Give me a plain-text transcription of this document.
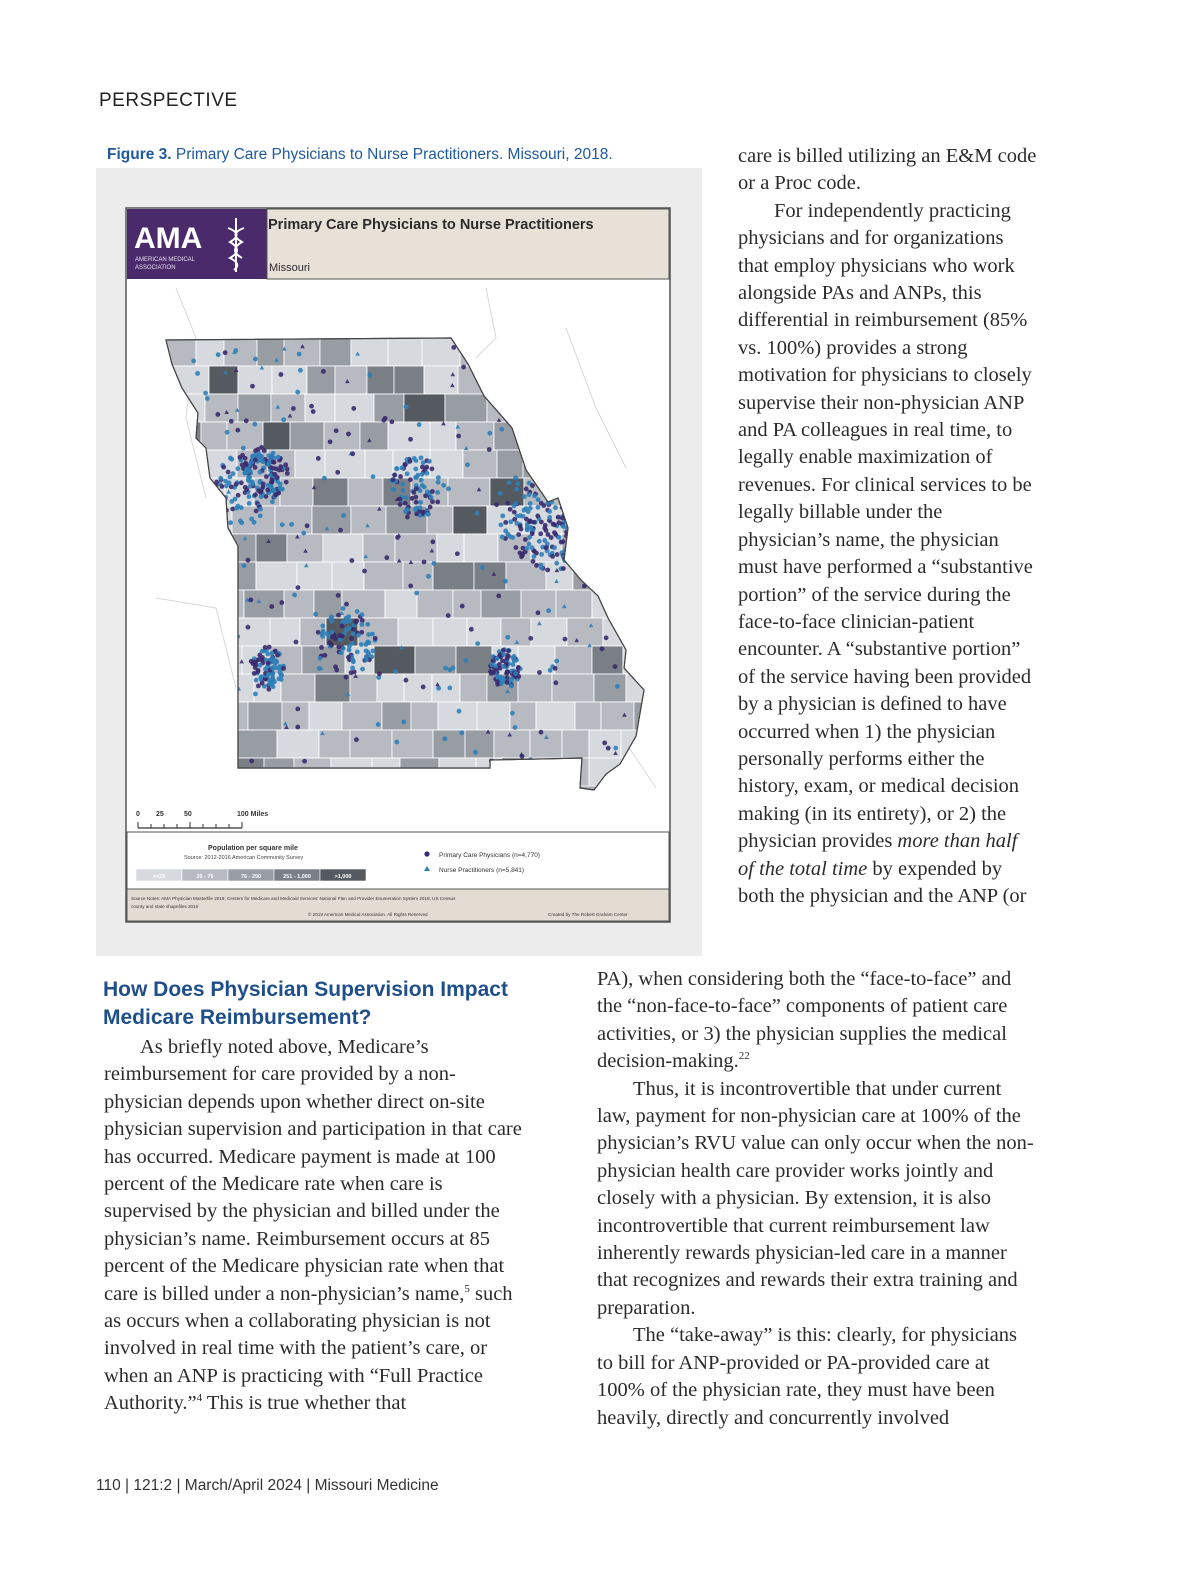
PERSPECTIVE
Figure 3. Primary Care Physicians to Nurse Practitioners. Missouri, 2018.
AMA
AMERICAN MEDICAL
ASSOCIATION
Primary Care Physicians to Nurse Practitioners
Missouri
0 25	50	100 Miles
Population per square mile
Source: 2012-2016 American Community Survey
<=25	26 - 75	76 - 250	251 - 1,000	>1,000
Primary Care Physicians (n=4,770)
Nurse Practitioners (n=5,841)
Source Notes: AMA Physician Masterfile 2018; Centers for Medicare and Medicaid Services' National Plan and Provider Enumeration System 2018; US Census
county and state shapefiles 2010
© 2018 American Medical Association. All Rights Reserved	Created by The Robert Graham Center

care is billed utilizing an E&M code or a Proc code.

For independently practicing physicians and for organizations that employ physicians who work alongside PAs and ANPs, this differential in reimbursement (85% vs. 100%) provides a strong motivation for physicians to closely supervise their non-physician ANP and PA colleagues in real time, to legally enable maximization of revenues. For clinical services to be legally billable under the physician’s name, the physician must have performed a “substantive portion” of the service during the face-to-face clinician-patient encounter. A “substantive portion” of the service having been provided by a physician is defined to have occurred when 1) the physician personally performs either the history, exam, or medical decision making (in its entirety), or 2) the physician provides more than half of the total time by expended by both the physician and the ANP (or

How Does Physician Supervision Impact Medicare Reimbursement?

As briefly noted above, Medicare’s reimbursement for care provided by a non-physician depends upon whether direct on-site physician supervision and participation in that care has occurred. Medicare payment is made at 100 percent of the Medicare rate when care is supervised by the physician and billed under the physician’s name. Reimbursement occurs at 85 percent of the Medicare physician rate when that care is billed under a non-physician’s name,$^5$ such as occurs when a collaborating physician is not involved in real time with the patient’s care, or when an ANP is practicing with “Full Practice Authority.”$^4$ This is true whether that

PA), when considering both the “face-to-face” and the “non-face-to-face” components of patient care activities, or 3) the physician supplies the medical decision-making.$^{22}$

Thus, it is incontrovertible that under current law, payment for non-physician care at 100% of the physician’s RVU value can only occur when the non-physician health care provider works jointly and closely with a physician. By extension, it is also incontrovertible that current reimbursement law inherently rewards physician-led care in a manner that recognizes and rewards their extra training and preparation.

The “take-away” is this: clearly, for physicians to bill for ANP-provided or PA-provided care at 100% of the physician rate, they must have been heavily, directly and concurrently involved

110 | 121:2 | March/April 2024 | Missouri Medicine
